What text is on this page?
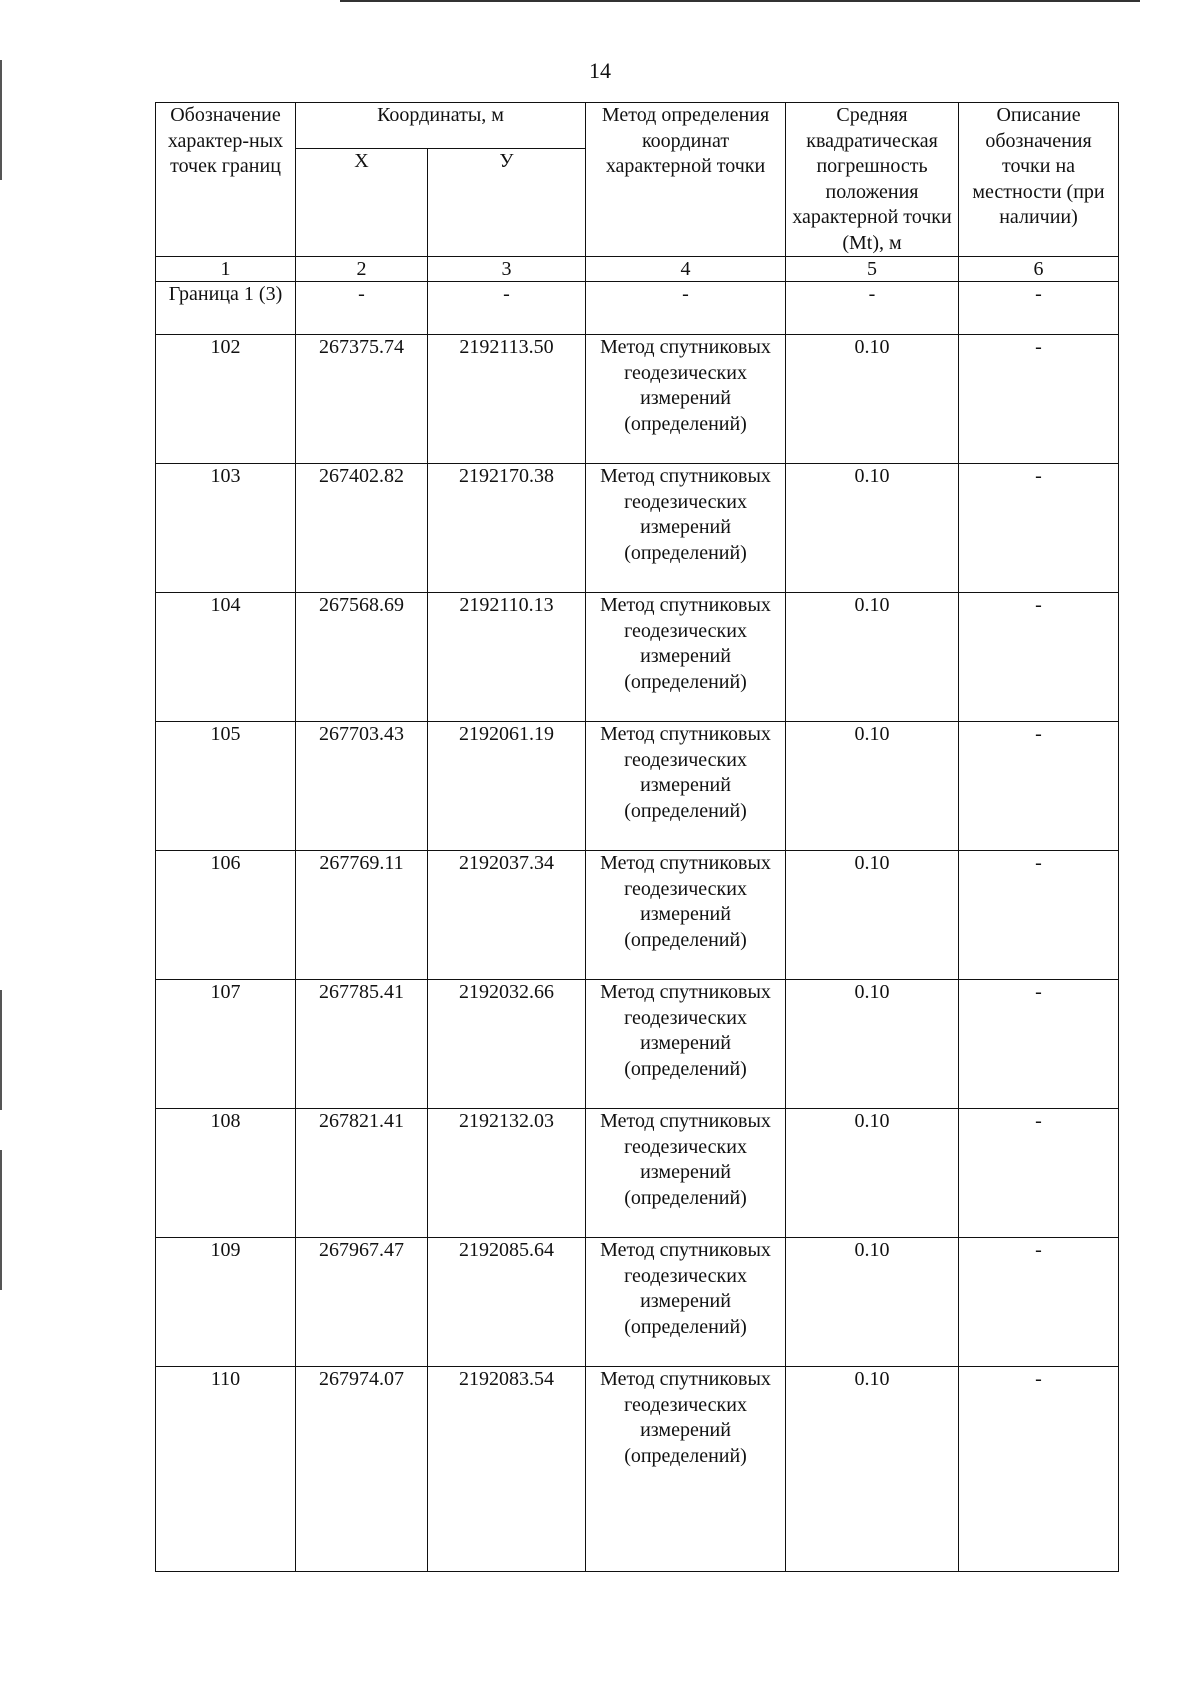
14
Обозначение характер-ных точек границ	Координаты, м		Метод определения координат характерной точки	Средняя квадратическая погрешность положения характерной точки (Mt), м	Описание обозначения точки на местности (при наличии)
	Х	У			
1	2	3	4	5	6
Граница 1 (3)	-	-	-	-	-
102	267375.74	2192113.50	Метод спутниковых геодезических измерений (определений)	0.10	-
103	267402.82	2192170.38	Метод спутниковых геодезических измерений (определений)	0.10	-
104	267568.69	2192110.13	Метод спутниковых геодезических измерений (определений)	0.10	-
105	267703.43	2192061.19	Метод спутниковых геодезических измерений (определений)	0.10	-
106	267769.11	2192037.34	Метод спутниковых геодезических измерений (определений)	0.10	-
107	267785.41	2192032.66	Метод спутниковых геодезических измерений (определений)	0.10	-
108	267821.41	2192132.03	Метод спутниковых геодезических измерений (определений)	0.10	-
109	267967.47	2192085.64	Метод спутниковых геодезических измерений (определений)	0.10	-
110	267974.07	2192083.54	Метод спутниковых геодезических измерений (определений)	0.10	-
